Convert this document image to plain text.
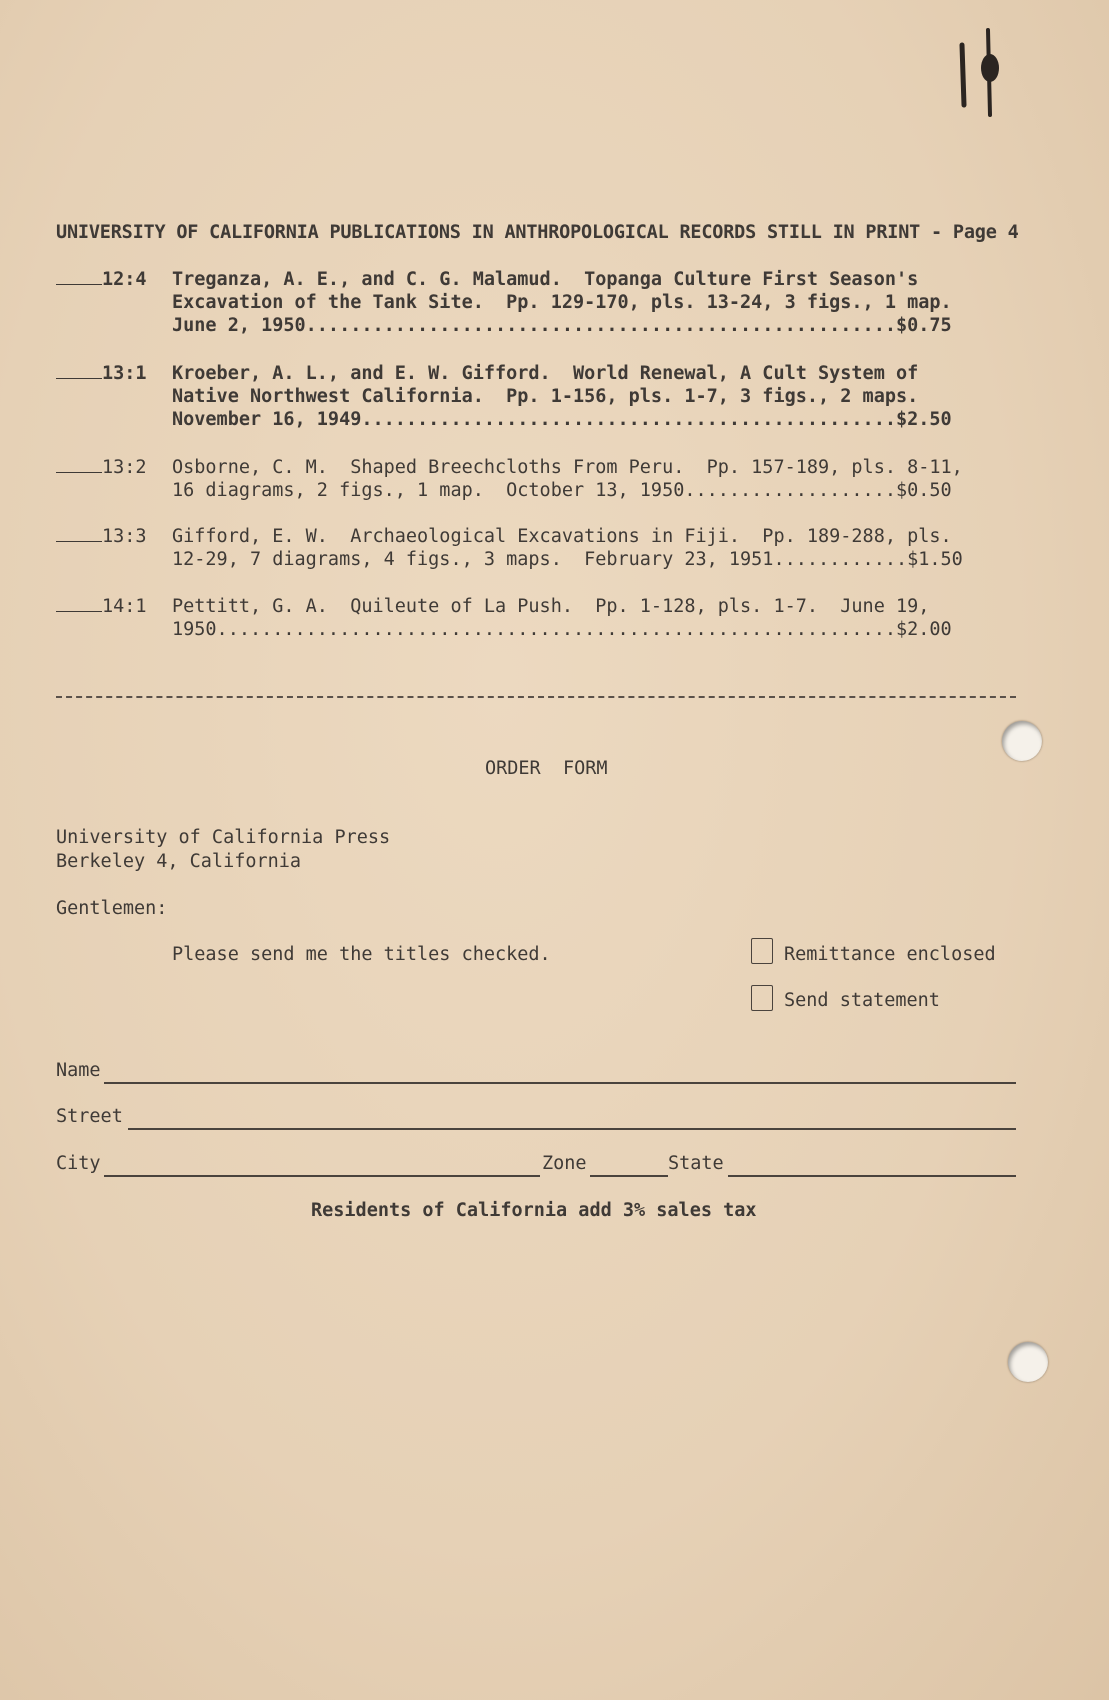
UNIVERSITY OF CALIFORNIA PUBLICATIONS IN ANTHROPOLOGICAL RECORDS STILL IN PRINT - Page 4
12:4 Treganza, A. E., and C. G. Malamud.  Topanga Culture First Season's
Excavation of the Tank Site.  Pp. 129-170, pls. 13-24, 3 figs., 1 map.
June 2, 1950.....................................................$0.75
13:1 Kroeber, A. L., and E. W. Gifford.  World Renewal, A Cult System of
Native Northwest California.  Pp. 1-156, pls. 1-7, 3 figs., 2 maps.
November 16, 1949................................................$2.50
13:2 Osborne, C. M.  Shaped Breechcloths From Peru.  Pp. 157-189, pls. 8-11,
16 diagrams, 2 figs., 1 map.  October 13, 1950...................$0.50
13:3 Gifford, E. W.  Archaeological Excavations in Fiji.  Pp. 189-288, pls.
12-29, 7 diagrams, 4 figs., 3 maps.  February 23, 1951............$1.50
14:1 Pettitt, G. A.  Quileute of La Push.  Pp. 1-128, pls. 1-7.  June 19,
1950.............................................................$2.00
ORDER  FORM
University of California Press
Berkeley 4, California
Gentlemen:
Please send me the titles checked.	Remittance enclosed
Send statement
Name
Street
City	Zone	State
Residents of California add 3% sales tax
